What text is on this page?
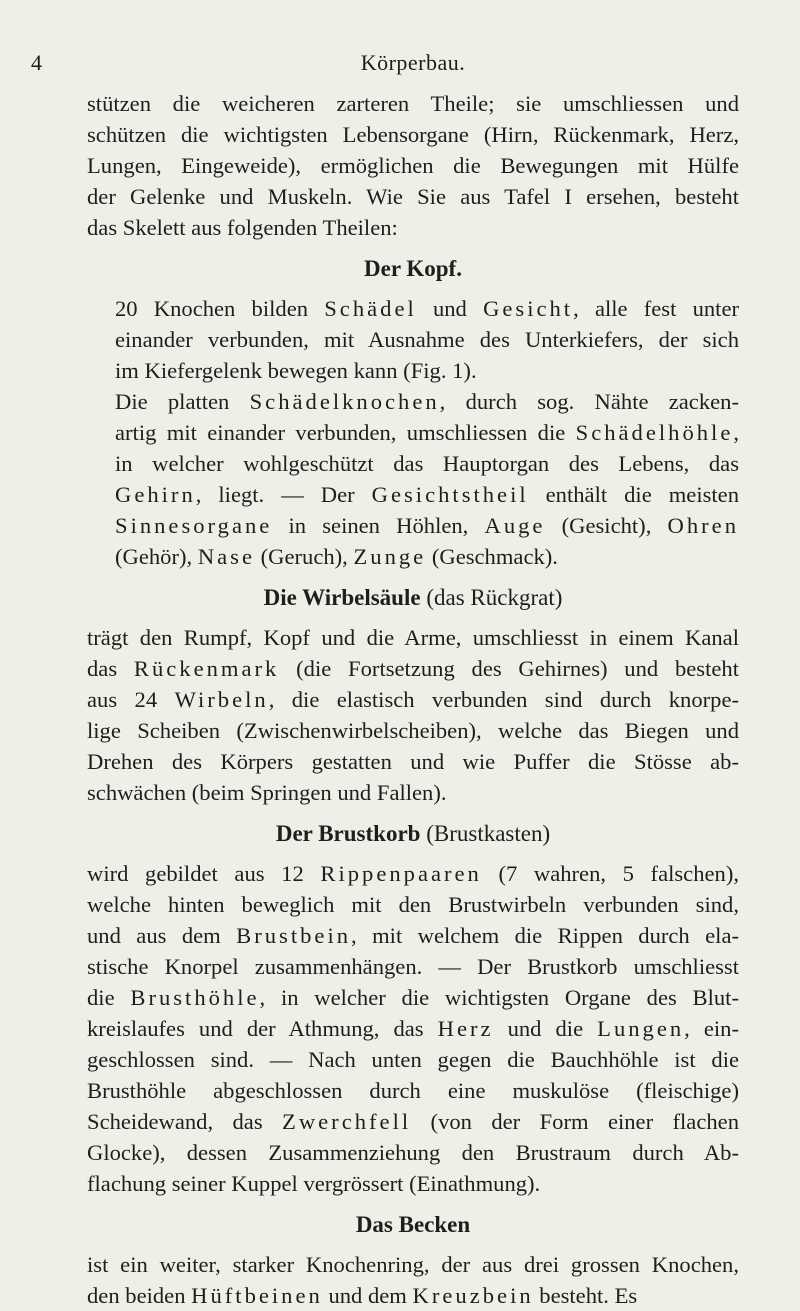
4	Körperbau.

stützen die weicheren zarteren Theile; sie umschliessen und
schützen die wichtigsten Lebensorgane (Hirn, Rückenmark, Herz,
Lungen, Eingeweide), ermöglichen die Bewegungen mit Hülfe
der Gelenke und Muskeln. Wie Sie aus Tafel I ersehen, besteht
das Skelett aus folgenden Theilen:

Der Kopf.

20 Knochen bilden Schädel und Gesicht, alle fest unter
einander verbunden, mit Ausnahme des Unterkiefers, der sich
im Kiefergelenk bewegen kann (Fig. 1).

Die platten Schädelknochen, durch sog. Nähte zacken-
artig mit einander verbunden, umschliessen die Schädelhöhle,
in welcher wohlgeschützt das Hauptorgan des Lebens, das
Gehirn, liegt. — Der Gesichtstheil enthält die meisten
Sinnesorgane in seinen Höhlen, Auge (Gesicht), Ohren
(Gehör), Nase (Geruch), Zunge (Geschmack).

Die Wirbelsäule (das Rückgrat)

trägt den Rumpf, Kopf und die Arme, umschliesst in einem Kanal
das Rückenmark (die Fortsetzung des Gehirnes) und besteht
aus 24 Wirbeln, die elastisch verbunden sind durch knorpe-
lige Scheiben (Zwischenwirbelscheiben), welche das Biegen und
Drehen des Körpers gestatten und wie Puffer die Stösse ab-
schwächen (beim Springen und Fallen).

Der Brustkorb (Brustkasten)

wird gebildet aus 12 Rippenpaaren (7 wahren, 5 falschen),
welche hinten beweglich mit den Brustwirbeln verbunden sind,
und aus dem Brustbein, mit welchem die Rippen durch ela-
stische Knorpel zusammenhängen. — Der Brustkorb umschliesst
die Brusthöhle, in welcher die wichtigsten Organe des Blut-
kreislaufes und der Athmung, das Herz und die Lungen, ein-
geschlossen sind. — Nach unten gegen die Bauchhöhle ist die
Brusthöhle abgeschlossen durch eine muskulöse (fleischige)
Scheidewand, das Zwerchfell (von der Form einer flachen
Glocke), dessen Zusammenziehung den Brustraum durch Ab-
flachung seiner Kuppel vergrössert (Einathmung).

Das Becken

ist ein weiter, starker Knochenring, der aus drei grossen Knochen,
den beiden Hüftbeinen und dem Kreuzbein besteht. Es
